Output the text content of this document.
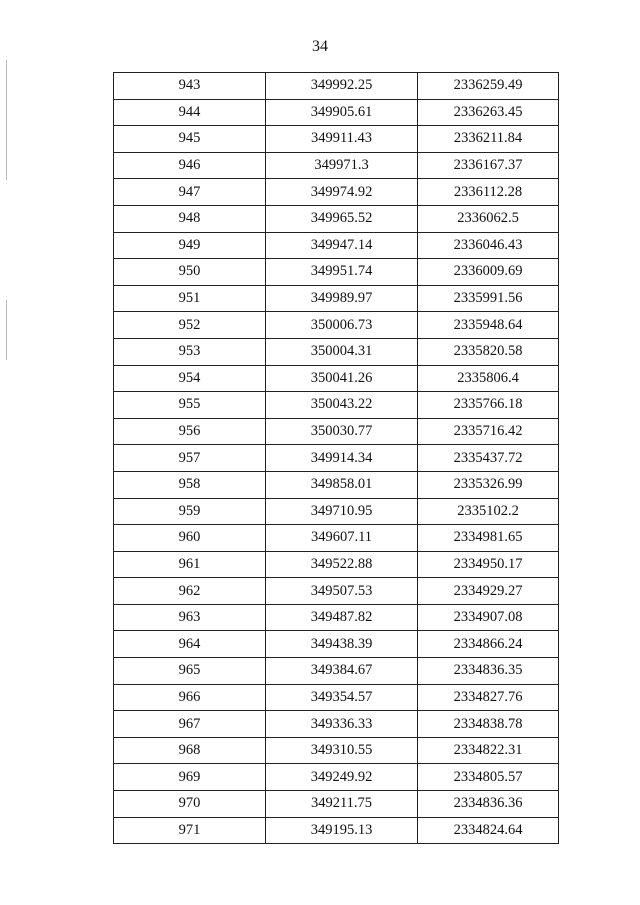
34
943	349992.25	2336259.49
944	349905.61	2336263.45
945	349911.43	2336211.84
946	349971.3	2336167.37
947	349974.92	2336112.28
948	349965.52	2336062.5
949	349947.14	2336046.43
950	349951.74	2336009.69
951	349989.97	2335991.56
952	350006.73	2335948.64
953	350004.31	2335820.58
954	350041.26	2335806.4
955	350043.22	2335766.18
956	350030.77	2335716.42
957	349914.34	2335437.72
958	349858.01	2335326.99
959	349710.95	2335102.2
960	349607.11	2334981.65
961	349522.88	2334950.17
962	349507.53	2334929.27
963	349487.82	2334907.08
964	349438.39	2334866.24
965	349384.67	2334836.35
966	349354.57	2334827.76
967	349336.33	2334838.78
968	349310.55	2334822.31
969	349249.92	2334805.57
970	349211.75	2334836.36
971	349195.13	2334824.64
